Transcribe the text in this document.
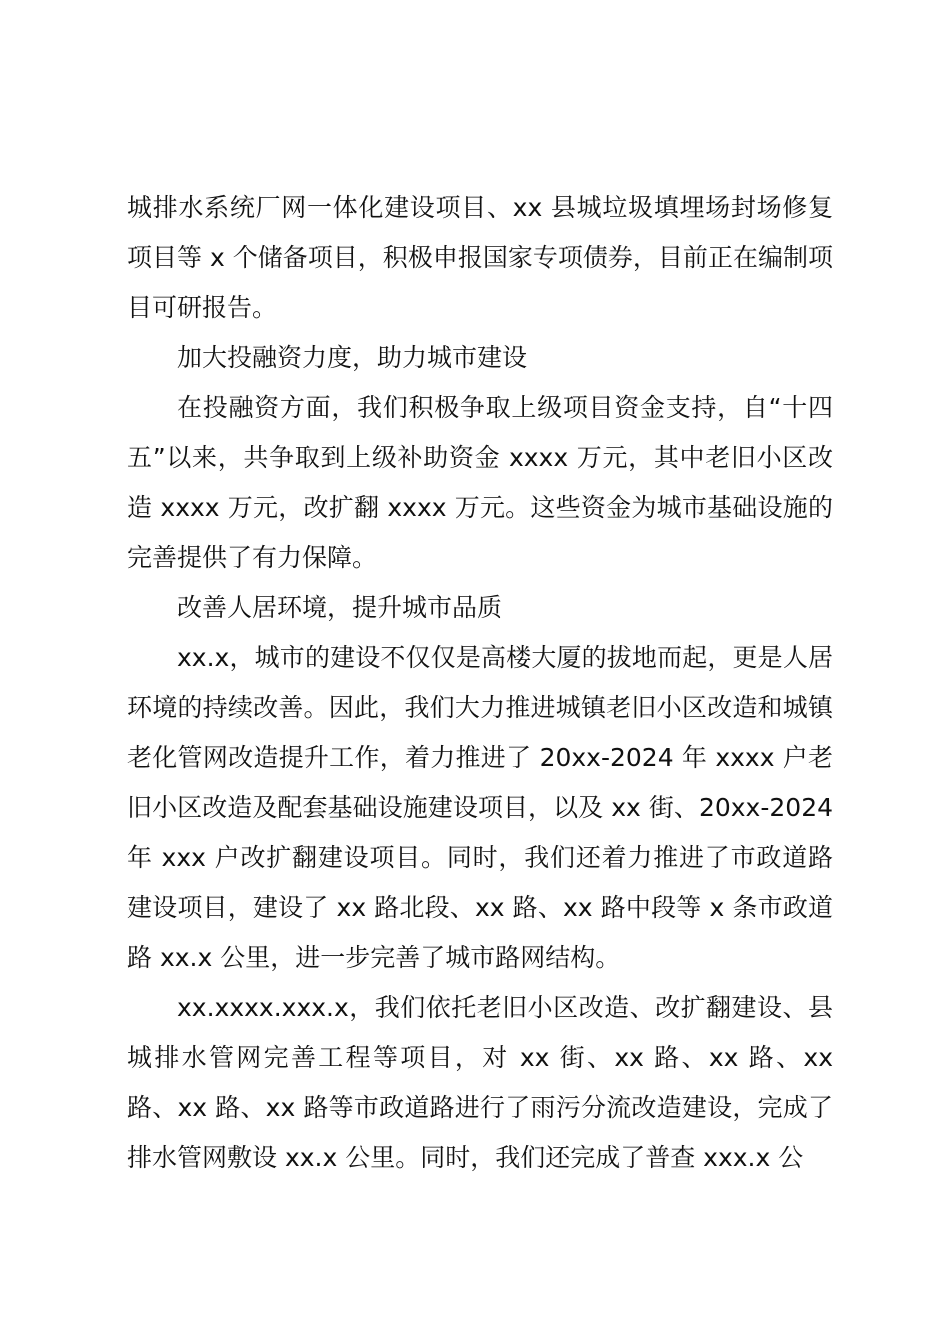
城排水系统厂网一体化建设项目、xx 县城垃圾填埋场封场修复项目等 x 个储备项目，积极申报国家专项债券，目前正在编制项目可研报告。

加大投融资力度，助力城市建设

在投融资方面，我们积极争取上级项目资金支持，自“十四五”以来，共争取到上级补助资金 xxxx 万元，其中老旧小区改造 xxxx 万元，改扩翻 xxxx 万元。这些资金为城市基础设施的完善提供了有力保障。

改善人居环境，提升城市品质

xx.x，城市的建设不仅仅是高楼大厦的拔地而起，更是人居环境的持续改善。因此，我们大力推进城镇老旧小区改造和城镇老化管网改造提升工作，着力推进了 20xx-2024 年 xxxx 户老旧小区改造及配套基础设施建设项目，以及 xx 街、20xx-2024 年 xxx 户改扩翻建设项目。同时，我们还着力推进了市政道路建设项目，建设了 xx 路北段、xx 路、xx 路中段等 x 条市政道路 xx.x 公里，进一步完善了城市路网结构。

xx.xxxx.xxx.x，我们依托老旧小区改造、改扩翻建设、县城排水管网完善工程等项目，对 xx 街、xx 路、xx 路、xx 路、xx 路、xx 路等市政道路进行了雨污分流改造建设，完成了排水管网敷设 xx.x 公里。同时，我们还完成了普查 xxx.x 公
